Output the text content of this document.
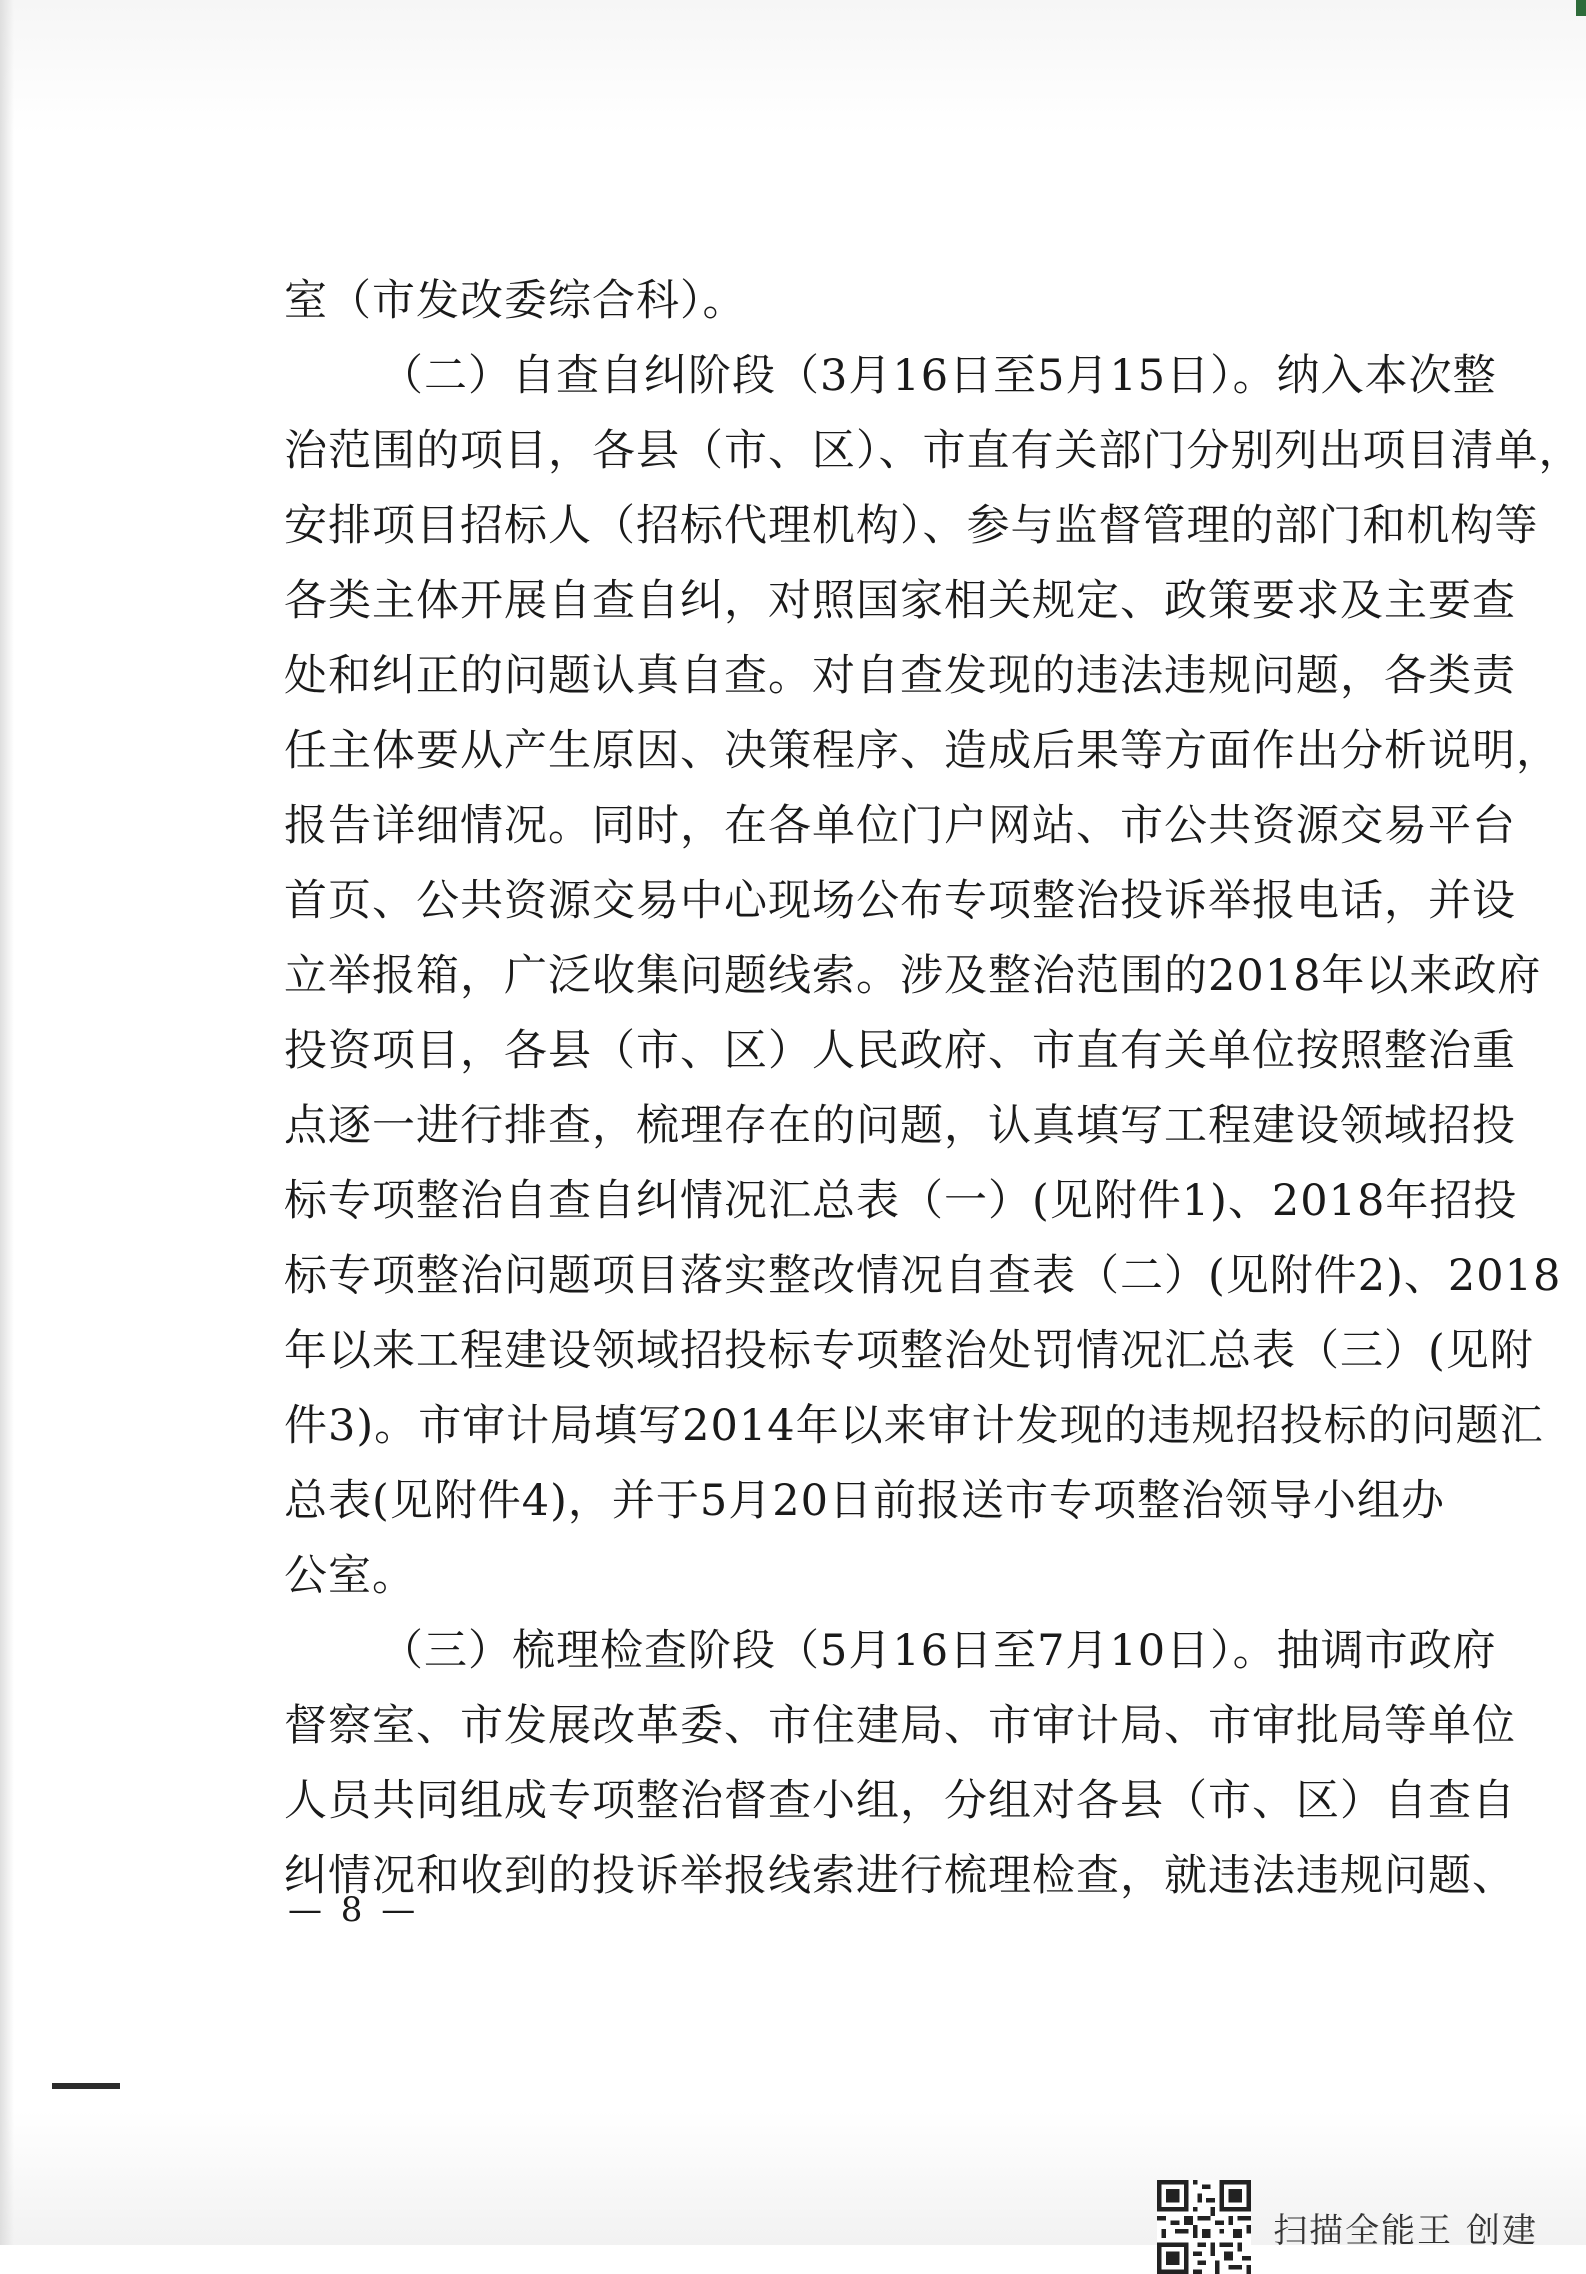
室（市发改委综合科）。
（二）自查自纠阶段（3月16日至5月15日）。纳入本次整
治范围的项目，各县（市、区）、市直有关部门分别列出项目清单，
安排项目招标人（招标代理机构）、参与监督管理的部门和机构等
各类主体开展自查自纠，对照国家相关规定、政策要求及主要查
处和纠正的问题认真自查。对自查发现的违法违规问题，各类责
任主体要从产生原因、决策程序、造成后果等方面作出分析说明，
报告详细情况。同时，在各单位门户网站、市公共资源交易平台
首页、公共资源交易中心现场公布专项整治投诉举报电话，并设
立举报箱，广泛收集问题线索。涉及整治范围的2018年以来政府
投资项目，各县（市、区）人民政府、市直有关单位按照整治重
点逐一进行排查，梳理存在的问题，认真填写工程建设领域招投
标专项整治自查自纠情况汇总表（一）(见附件1)、2018年招投
标专项整治问题项目落实整改情况自查表（二）(见附件2)、2018
年以来工程建设领域招投标专项整治处罚情况汇总表（三）(见附
件3)。市审计局填写2014年以来审计发现的违规招投标的问题汇
总表(见附件4)，并于5月20日前报送市专项整治领导小组办
公室。
（三）梳理检查阶段（5月16日至7月10日）。抽调市政府
督察室、市发展改革委、市住建局、市审计局、市审批局等单位
人员共同组成专项整治督查小组，分组对各县（市、区）自查自
纠情况和收到的投诉举报线索进行梳理检查，就违法违规问题、
— 8 —
扫描全能王 创建
